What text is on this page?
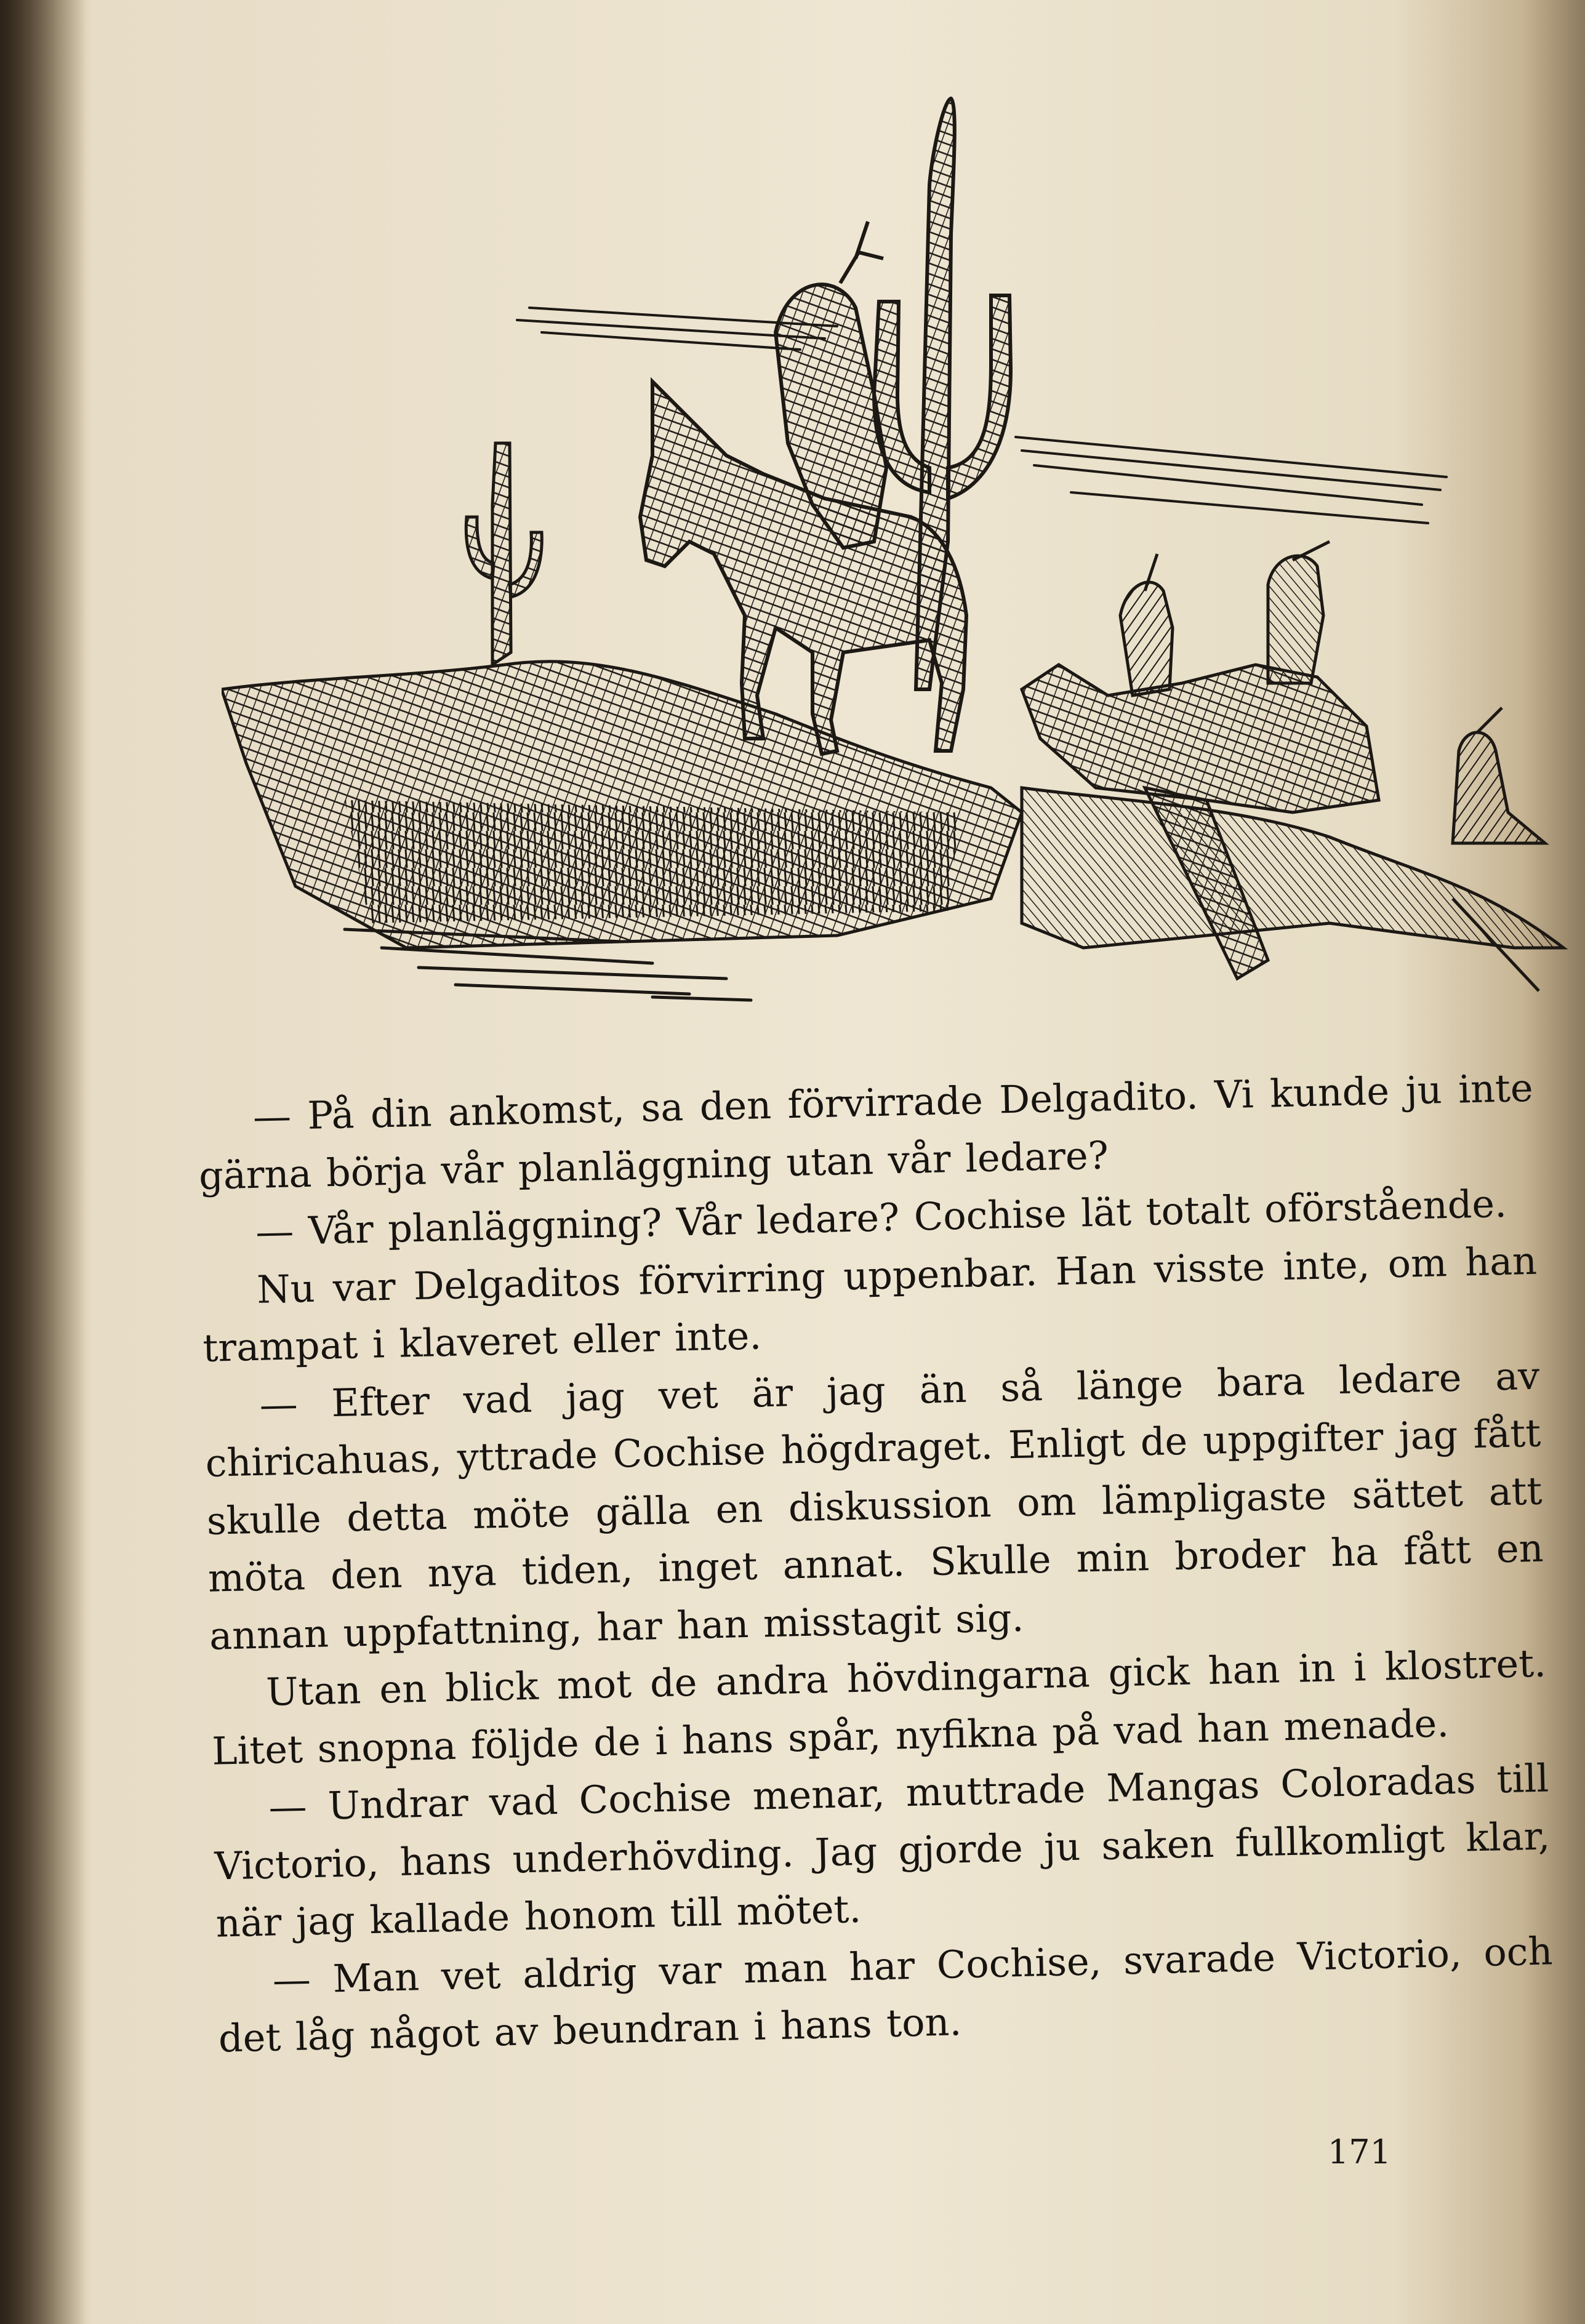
— På din ankomst, sa den förvirrade Delgadito. Vi kunde ju inte gärna börja vår planläggning utan vår ledare?

— Vår planläggning? Vår ledare? Cochise lät totalt oförstående.

Nu var Delgaditos förvirring uppenbar. Han visste inte, om han trampat i klaveret eller inte.

— Efter vad jag vet är jag än så länge bara ledare av chiricahuas, yttrade Cochise högdraget. Enligt de uppgifter jag fått skulle detta möte gälla en diskussion om lämpligaste sättet att möta den nya tiden, inget annat. Skulle min broder ha fått en annan uppfattning, har han misstagit sig.

Utan en blick mot de andra hövdingarna gick han in i klostret. Litet snopna följde de i hans spår, nyfikna på vad han menade.

— Undrar vad Cochise menar, muttrade Mangas Coloradas till Victorio, hans underhövding. Jag gjorde ju saken fullkomligt klar, när jag kallade honom till mötet.

— Man vet aldrig var man har Cochise, svarade Victorio, och det låg något av beundran i hans ton.

171
